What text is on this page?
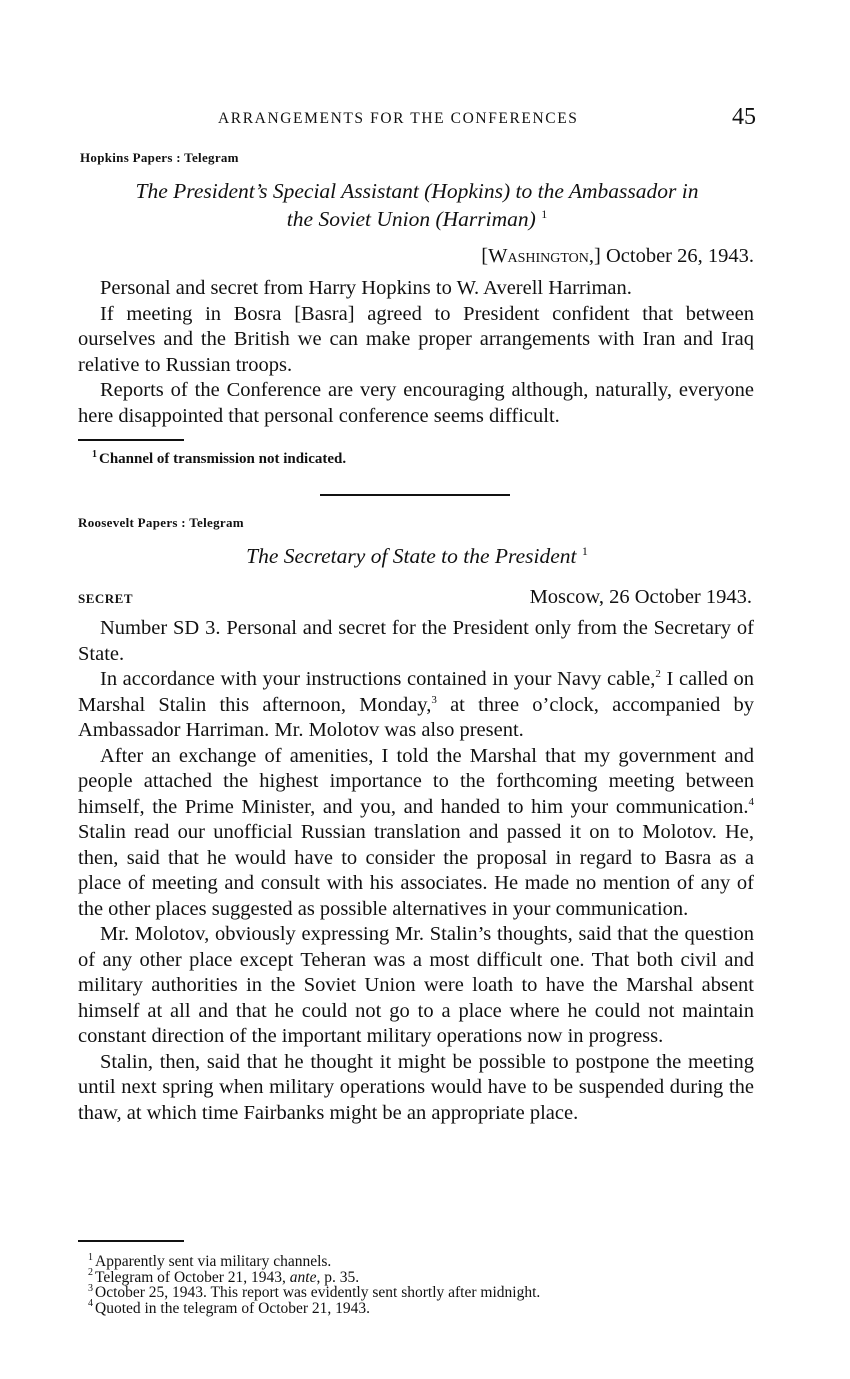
ARRANGEMENTS FOR THE CONFERENCES	45
Hopkins Papers : Telegram
The President’s Special Assistant (Hopkins) to the Ambassador in
the Soviet Union (Harriman) $^1$
[Washington,] October 26, 1943.

Personal and secret from Harry Hopkins to W. Averell Harriman.

If meeting in Bosra [Basra] agreed to President confident that between ourselves and the British we can make proper arrangements with Iran and Iraq relative to Russian troops.

Reports of the Conference are very encouraging although, naturally, everyone here disappointed that personal conference seems difficult.

$^1$ Channel of transmission not indicated.
Roosevelt Papers : Telegram
The Secretary of State to the President $^1$
SECRET	Moscow, 26 October 1943.

Number SD 3. Personal and secret for the President only from the Secretary of State.

In accordance with your instructions contained in your Navy cable,$^2$ I called on Marshal Stalin this afternoon, Monday,$^3$ at three o’clock, accompanied by Ambassador Harriman. Mr. Molotov was also present.

After an exchange of amenities, I told the Marshal that my government and people attached the highest importance to the forthcoming meeting between himself, the Prime Minister, and you, and handed to him your communication.$^4$ Stalin read our unofficial Russian translation and passed it on to Molotov. He, then, said that he would have to consider the proposal in regard to Basra as a place of meeting and consult with his associates. He made no mention of any of the other places suggested as possible alternatives in your communication.

Mr. Molotov, obviously expressing Mr. Stalin’s thoughts, said that the question of any other place except Teheran was a most difficult one. That both civil and military authorities in the Soviet Union were loath to have the Marshal absent himself at all and that he could not go to a place where he could not maintain constant direction of the important military operations now in progress.

Stalin, then, said that he thought it might be possible to postpone the meeting until next spring when military operations would have to be suspended during the thaw, at which time Fairbanks might be an appropriate place.

$^1$ Apparently sent via military channels.
$^2$ Telegram of October 21, 1943, ante, p. 35.
$^3$ October 25, 1943. This report was evidently sent shortly after midnight.
$^4$ Quoted in the telegram of October 21, 1943.
